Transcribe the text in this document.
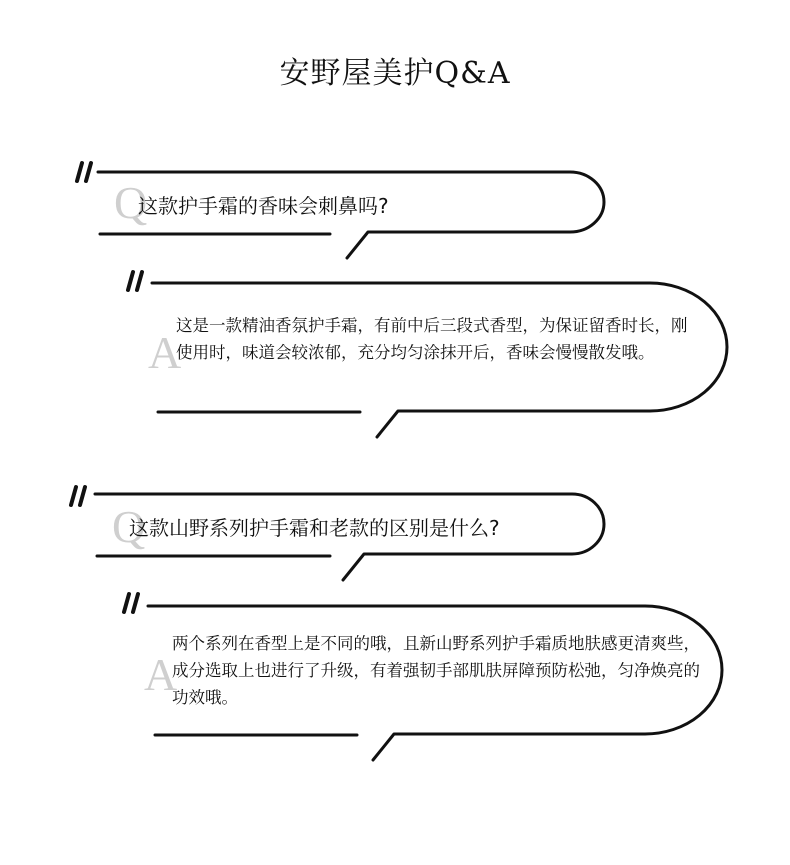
安野屋美护Q&A
Q
这款护手霜的香味会刺鼻吗?
A
这是一款精油香氛护手霜，有前中后三段式香型，为保证留香时长，刚使用时，味道会较浓郁，充分均匀涂抹开后，香味会慢慢散发哦。
Q
这款山野系列护手霜和老款的区别是什么?
A
两个系列在香型上是不同的哦，且新山野系列护手霜质地肤感更清爽些，成分选取上也进行了升级，有着强韧手部肌肤屏障预防松弛，匀净焕亮的功效哦。
